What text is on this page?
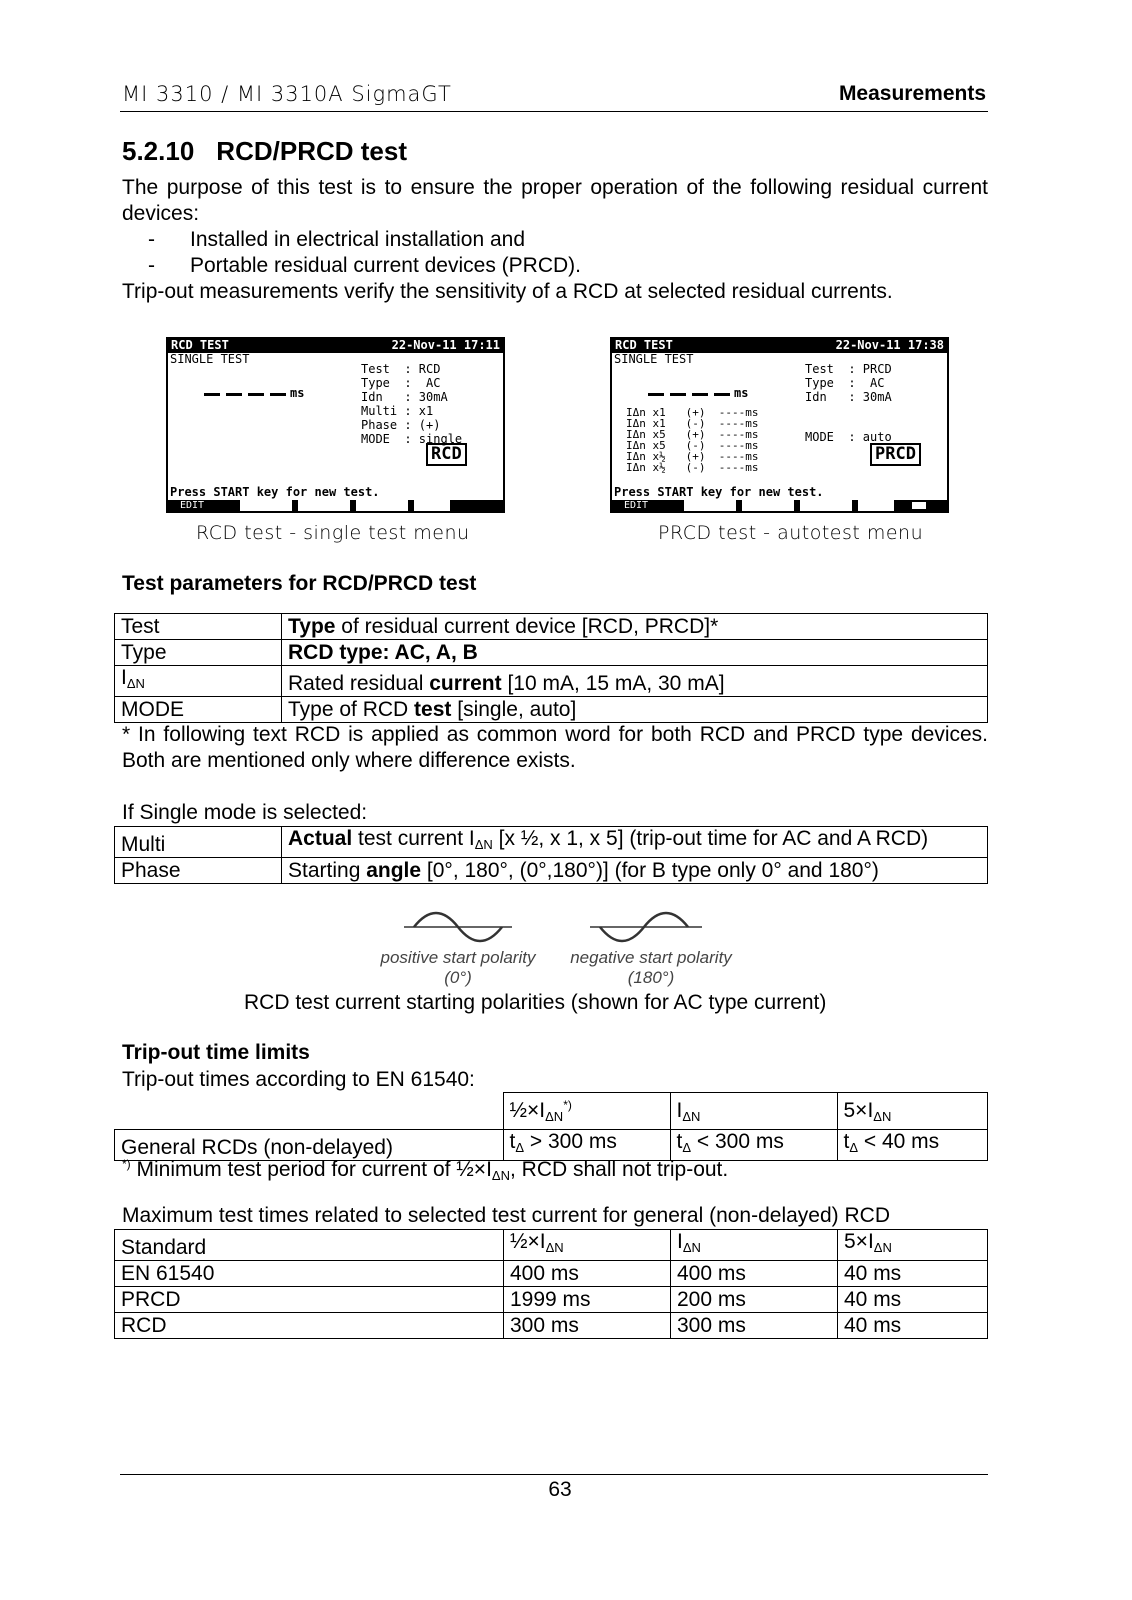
MI 3310 / MI 3310A SigmaGT	Measurements
5.2.10 RCD/PRCD test
The purpose of this test is to ensure the proper operation of the following residual current devices:
- Installed in electrical installation and
- Portable residual current devices (PRCD).
Trip-out measurements verify the sensitivity of a RCD at selected residual currents.
RCD TEST	22-Nov-11 17:11
SINGLE TEST
ms
Test  : RCD
Type  :  AC
Idn   : 30mA
Multi : x1
Phase : (+)
MODE  : single
RCD
Press START key for new test.
EDIT
RCD test - single test menu
RCD TEST	22-Nov-11 17:38
SINGLE TEST
ms
Test  : PRCD
Type  :  AC
Idn   : 30mA
IΔn x1   (+)  ----ms
IΔn x1   (-)  ----ms
IΔn x5   (+)  ----ms
IΔn x5   (-)  ----ms
IΔn x½   (+)  ----ms
IΔn x½   (-)  ----ms
MODE  : auto
PRCD
Press START key for new test.
EDIT
PRCD test - autotest menu
Test parameters for RCD/PRCD test
Test	Type of residual current device [RCD, PRCD]*
Type	RCD type: AC, A, B
$I_{\Delta N}$	Rated residual current [10 mA, 15 mA, 30 mA]
MODE	Type of RCD test [single, auto]
* In following text RCD is applied as common word for both RCD and PRCD type devices. Both are mentioned only where difference exists.
If Single mode is selected:
Multi	Actual test current $I_{\Delta N}$ [x ½, x 1, x 5] (trip-out time for AC and A RCD)
Phase	Starting angle [0°, 180°, (0°,180°)] (for B type only 0° and 180°)
positive start polarity
(0°)
negative start polarity
(180°)
RCD test current starting polarities (shown for AC type current)
Trip-out time limits
Trip-out times according to EN 61540:
	$\frac{1}{2}\times I_{\Delta N}^{*)}$	$I_{\Delta N}$	$5\times I_{\Delta N}$
General RCDs (non-delayed)	$t_\Delta > 300$ ms	$t_\Delta < 300$ ms	$t_\Delta < 40$ ms
*) Minimum test period for current of $\frac{1}{2}\times I_{\Delta N}$, RCD shall not trip-out.
Maximum test times related to selected test current for general (non-delayed) RCD
Standard	$\frac{1}{2}\times I_{\Delta N}$	$I_{\Delta N}$	$5\times I_{\Delta N}$
EN 61540	400 ms	400 ms	40 ms
PRCD	1999 ms	200 ms	40 ms
RCD	300 ms	300 ms	40 ms
63
